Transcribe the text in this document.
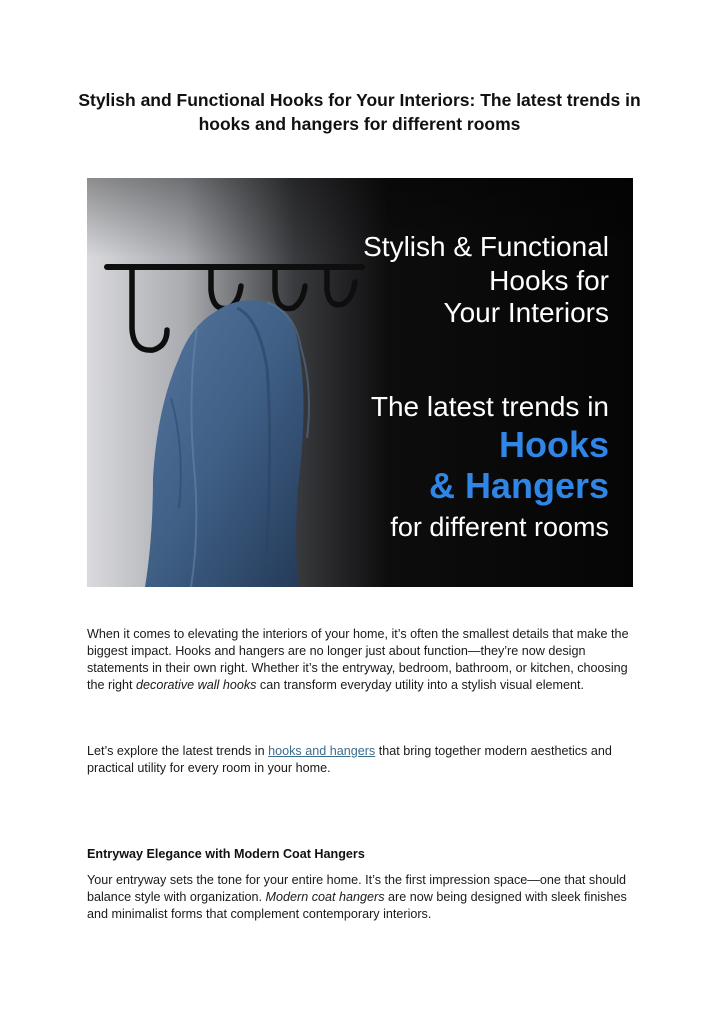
Stylish and Functional Hooks for Your Interiors: The latest trends in hooks and hangers for different rooms
Stylish & Functional
Hooks for
Your Interiors
The latest trends in
Hooks
& Hangers
for different rooms

When it comes to elevating the interiors of your home, it’s often the smallest details that make the biggest impact. Hooks and hangers are no longer just about function—they’re now design statements in their own right. Whether it’s the entryway, bedroom, bathroom, or kitchen, choosing the right decorative wall hooks can transform everyday utility into a stylish visual element.

Let’s explore the latest trends in hooks and hangers that bring together modern aesthetics and practical utility for every room in your home.

Entryway Elegance with Modern Coat Hangers

Your entryway sets the tone for your entire home. It’s the first impression space—one that should balance style with organization. Modern coat hangers are now being designed with sleek finishes and minimalist forms that complement contemporary interiors.
